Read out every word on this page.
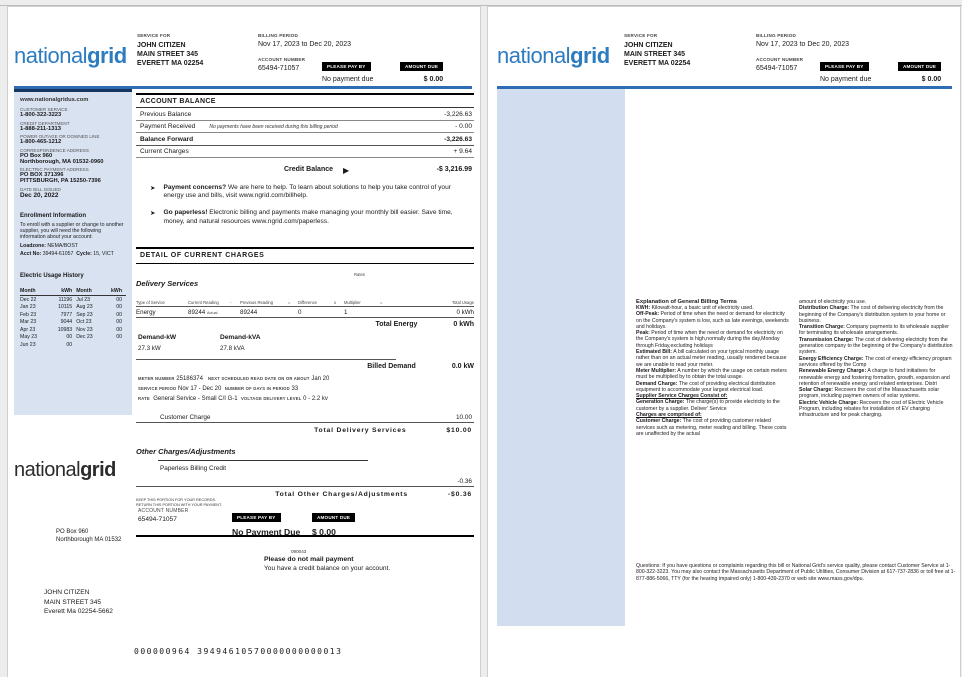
nationalgrid
SERVICE FOR
JOHN CITIZEN
MAIN STREET 345
EVERETT MA 02254
BILLING PERIOD
Nov 17, 2023 to Dec 20, 2023
ACCOUNT NUMBER
65494-71057	PLEASE PAY BY
No payment due
AMOUNT DUE
$ 0.00
www.nationalgridus.com
CUSTOMER SERVICE
1-800-322-3223
CREDIT DEPARTMENT
1-888-211-1313
POWER OUTAGE OR DOWNED LINE
1-800-465-1212
CORRESPONDENCE ADDRESS
PO Box 960
Northborough, MA 01532-0960
ELECTRIC PAYMENT ADDRESS
PO BOX 371396
PITTSBURGH, PA 15250-7396
DATE BILL ISSUED
Dec 20, 2022
Enrollment Information
To enroll with a supplier or change to another supplier, you will need the following information about your account:
Loadzone: NEMA/BOST
Acct No: 39494-61057 Cycle: 15, VICT
Electric Usage History
Month	kWh	Month	kWh
Dec 22	11196	Jul 23	00
Jan 23	10115	Aug 23	00
Feb 23	7977	Sep 23	00
Mar 23	9044	Oct 23	00
Apr 23	10983	Nov 23	00
May 23	00	Dec 23	00
Jun 23	00		
ACCOUNT BALANCE
Previous Balance	-3,226.63
Payment Received	No payments have been received during this billing period	- 0.00
Balance Forward	-3,226.63
Current Charges	+ 9.64
Credit Balance ▶	-$ 3,216.99
➤ Payment concerns? We are here to help. To learn about solutions to help you take control of your energy use and bills, visit www.ngrid.com/billhelp.
➤ Go paperless! Electronic billing and payments make managing your monthly bill easier. Save time, money, and natural resources www.ngrid.com/paperless.
DETAIL OF CURRENT CHARGES
Rates
Delivery Services
Type of Service	Current Reading	-	Previous Reading	=	Difference	x	Multiplier	=	Total Usage
Energy	89244 Actual	89244	0	1	0 kWh
Total Energy	0 kWh
Demand-kW	Demand-kVA
27.3 kW	27.8 kVA
Billed Demand	0.0 kW
METER NUMBER 25186374 NEXT SCHEDULED READ DATE ON OR ABOUT Jan 20
SERVICE PERIOD Nov 17 - Dec 20 NUMBER OF DAYS IN PERIOD 33
RATE General Service - Small C/I G-1 VOLTAGE DELIVERY LEVEL 0 - 2.2 kv
Customer Charge	10.00
Total Delivery Services	$10.00
Other Charges/Adjustments
Paperless Billing Credit
-0.36
Total Other Charges/Adjustments	-$0.36
KEEP THIS PORTION FOR YOUR RECORDS.
RETURN THIS PORTION WITH YOUR PAYMENT.
ACCOUNT NUMBER
65494-71057	PLEASE PAY BY
No Payment Due
AMOUNT DUE
$ 0.00
090043
Please do not mail payment
You have a credit balance on your account.
000000964 39494610570000000000013
nationalgrid
PO Box 960
Northborough MA 01532
JOHN CITIZEN
MAIN STREET 345
Everett Ma 02254-5662
nationalgrid
SERVICE FOR
JOHN CITIZEN
MAIN STREET 345
EVERETT MA 02254
BILLING PERIOD
Nov 17, 2023 to Dec 20, 2023
ACCOUNT NUMBER
65494-71057	PLEASE PAY BY
No payment due
AMOUNT DUE
$ 0.00
Explanation of General Billing Terms

KWH: Kilowatt-hour, a basic unit of electricity used.

Off-Peak: Period of time when the need or demand for electricity on the Company's system is low, such as late evenings, weekends and holidays.

Peak: Period of time when the need or demand for electricity on the Company's system is high,normally during the day,Monday through Friday,excluding holidays

Estimated Bill: A bill calculated on your typical monthly usage rather than on an actual meter reading, usually rendered because we are unable to read your meter.

Meter Multiplier: A number by which the usage on certain meters must be multiplied by to obtain the total usage.

Demand Charge: The cost of providing electrical distribution equipment to accommodate your largest electrical load.

Supplier Service Charges Consist of:

Generation Charge: The charge(s) to provide electricity to the customer by a supplier. Deliver' Service

Charges are comprised of:

Customer Charge: The cost of providing customer related services such as metering, meter reading and billing. These costs are unaffected by the actual

amount of electricity you use.

Distribution Charge: The cost of delivering electricity from the beginning of the Company's distribution system to your home or business.

Transition Charge: Company payments to its wholesale supplier for terminating its wholesale arrangements.

Transmission Charge: The cost of delivering electricity from the generation company to the beginning of the Company's distribution system.

Energy Efficiency Charge: The cost of energy efficiency program services offered by the Comp

Renewable Energy Charge: A charge to fund initiatives for renewable energy and fostering formation, growth, expansion and retention of renewable energy and related enterprises. Distri

Solar Charge: Recovers the cost of the Massachusetts solar program, including paymen owners of solar systems.

Electric Vehicle Charge: Recovers the cost of Electric Vehicle Program, including rebates for installation of EV charging infrastructure and for peak charging.

Questions: If you have questions or complaints regarding this bill or National Grid's service quality, please contact Customer Service at 1-800-322-3223. You may also contact the Massachusetts Department of Public Utilities, Consumer Division at 617-737-2836 or toll free at 1-877-886-5066, TTY (for the hearing impaired only) 1-800-439-2370 or web site www.mass.gov/dpu.
